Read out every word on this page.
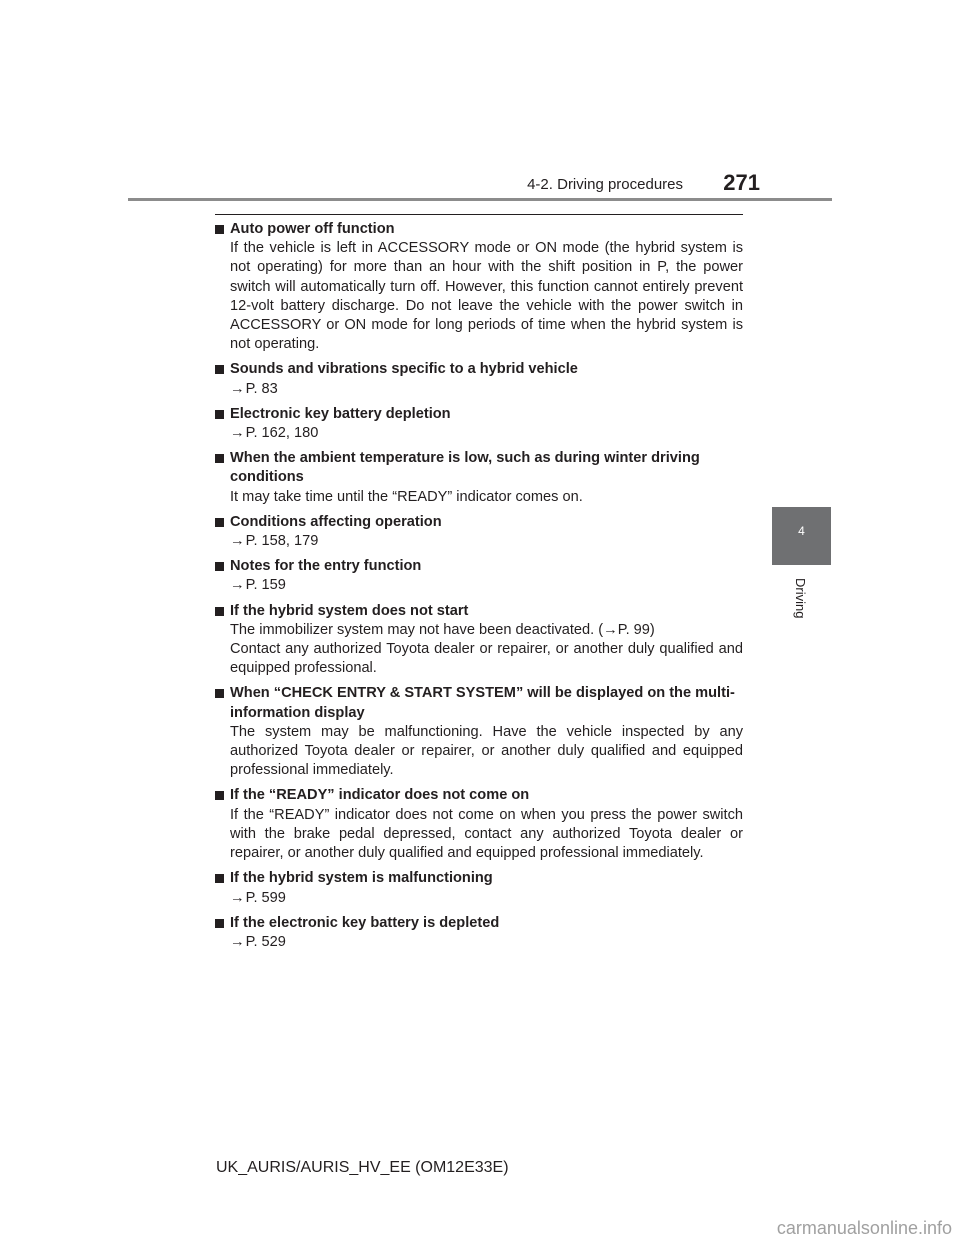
4-2. Driving procedures	271
4
Driving
Auto power off function
If the vehicle is left in ACCESSORY mode or ON mode (the hybrid system is not operating) for more than an hour with the shift position in P, the power switch will automatically turn off. However, this function cannot entirely prevent 12-volt battery discharge. Do not leave the vehicle with the power switch in ACCESSORY or ON mode for long periods of time when the hybrid system is not operating.
Sounds and vibrations specific to a hybrid vehicle
→P. 83
Electronic key battery depletion
→P. 162, 180
When the ambient temperature is low, such as during winter driving conditions
It may take time until the “READY” indicator comes on.
Conditions affecting operation
→P. 158, 179
Notes for the entry function
→P. 159
If the hybrid system does not start
The immobilizer system may not have been deactivated. (→P. 99)
Contact any authorized Toyota dealer or repairer, or another duly qualified and equipped professional.
When “CHECK ENTRY & START SYSTEM” will be displayed on the multi-information display
The system may be malfunctioning. Have the vehicle inspected by any authorized Toyota dealer or repairer, or another duly qualified and equipped professional immediately.
If the “READY” indicator does not come on
If the “READY” indicator does not come on when you press the power switch with the brake pedal depressed, contact any authorized Toyota dealer or repairer, or another duly qualified and equipped professional immediately.
If the hybrid system is malfunctioning
→P. 599
If the electronic key battery is depleted
→P. 529
UK_AURIS/AURIS_HV_EE (OM12E33E)
carmanualsonline.info
